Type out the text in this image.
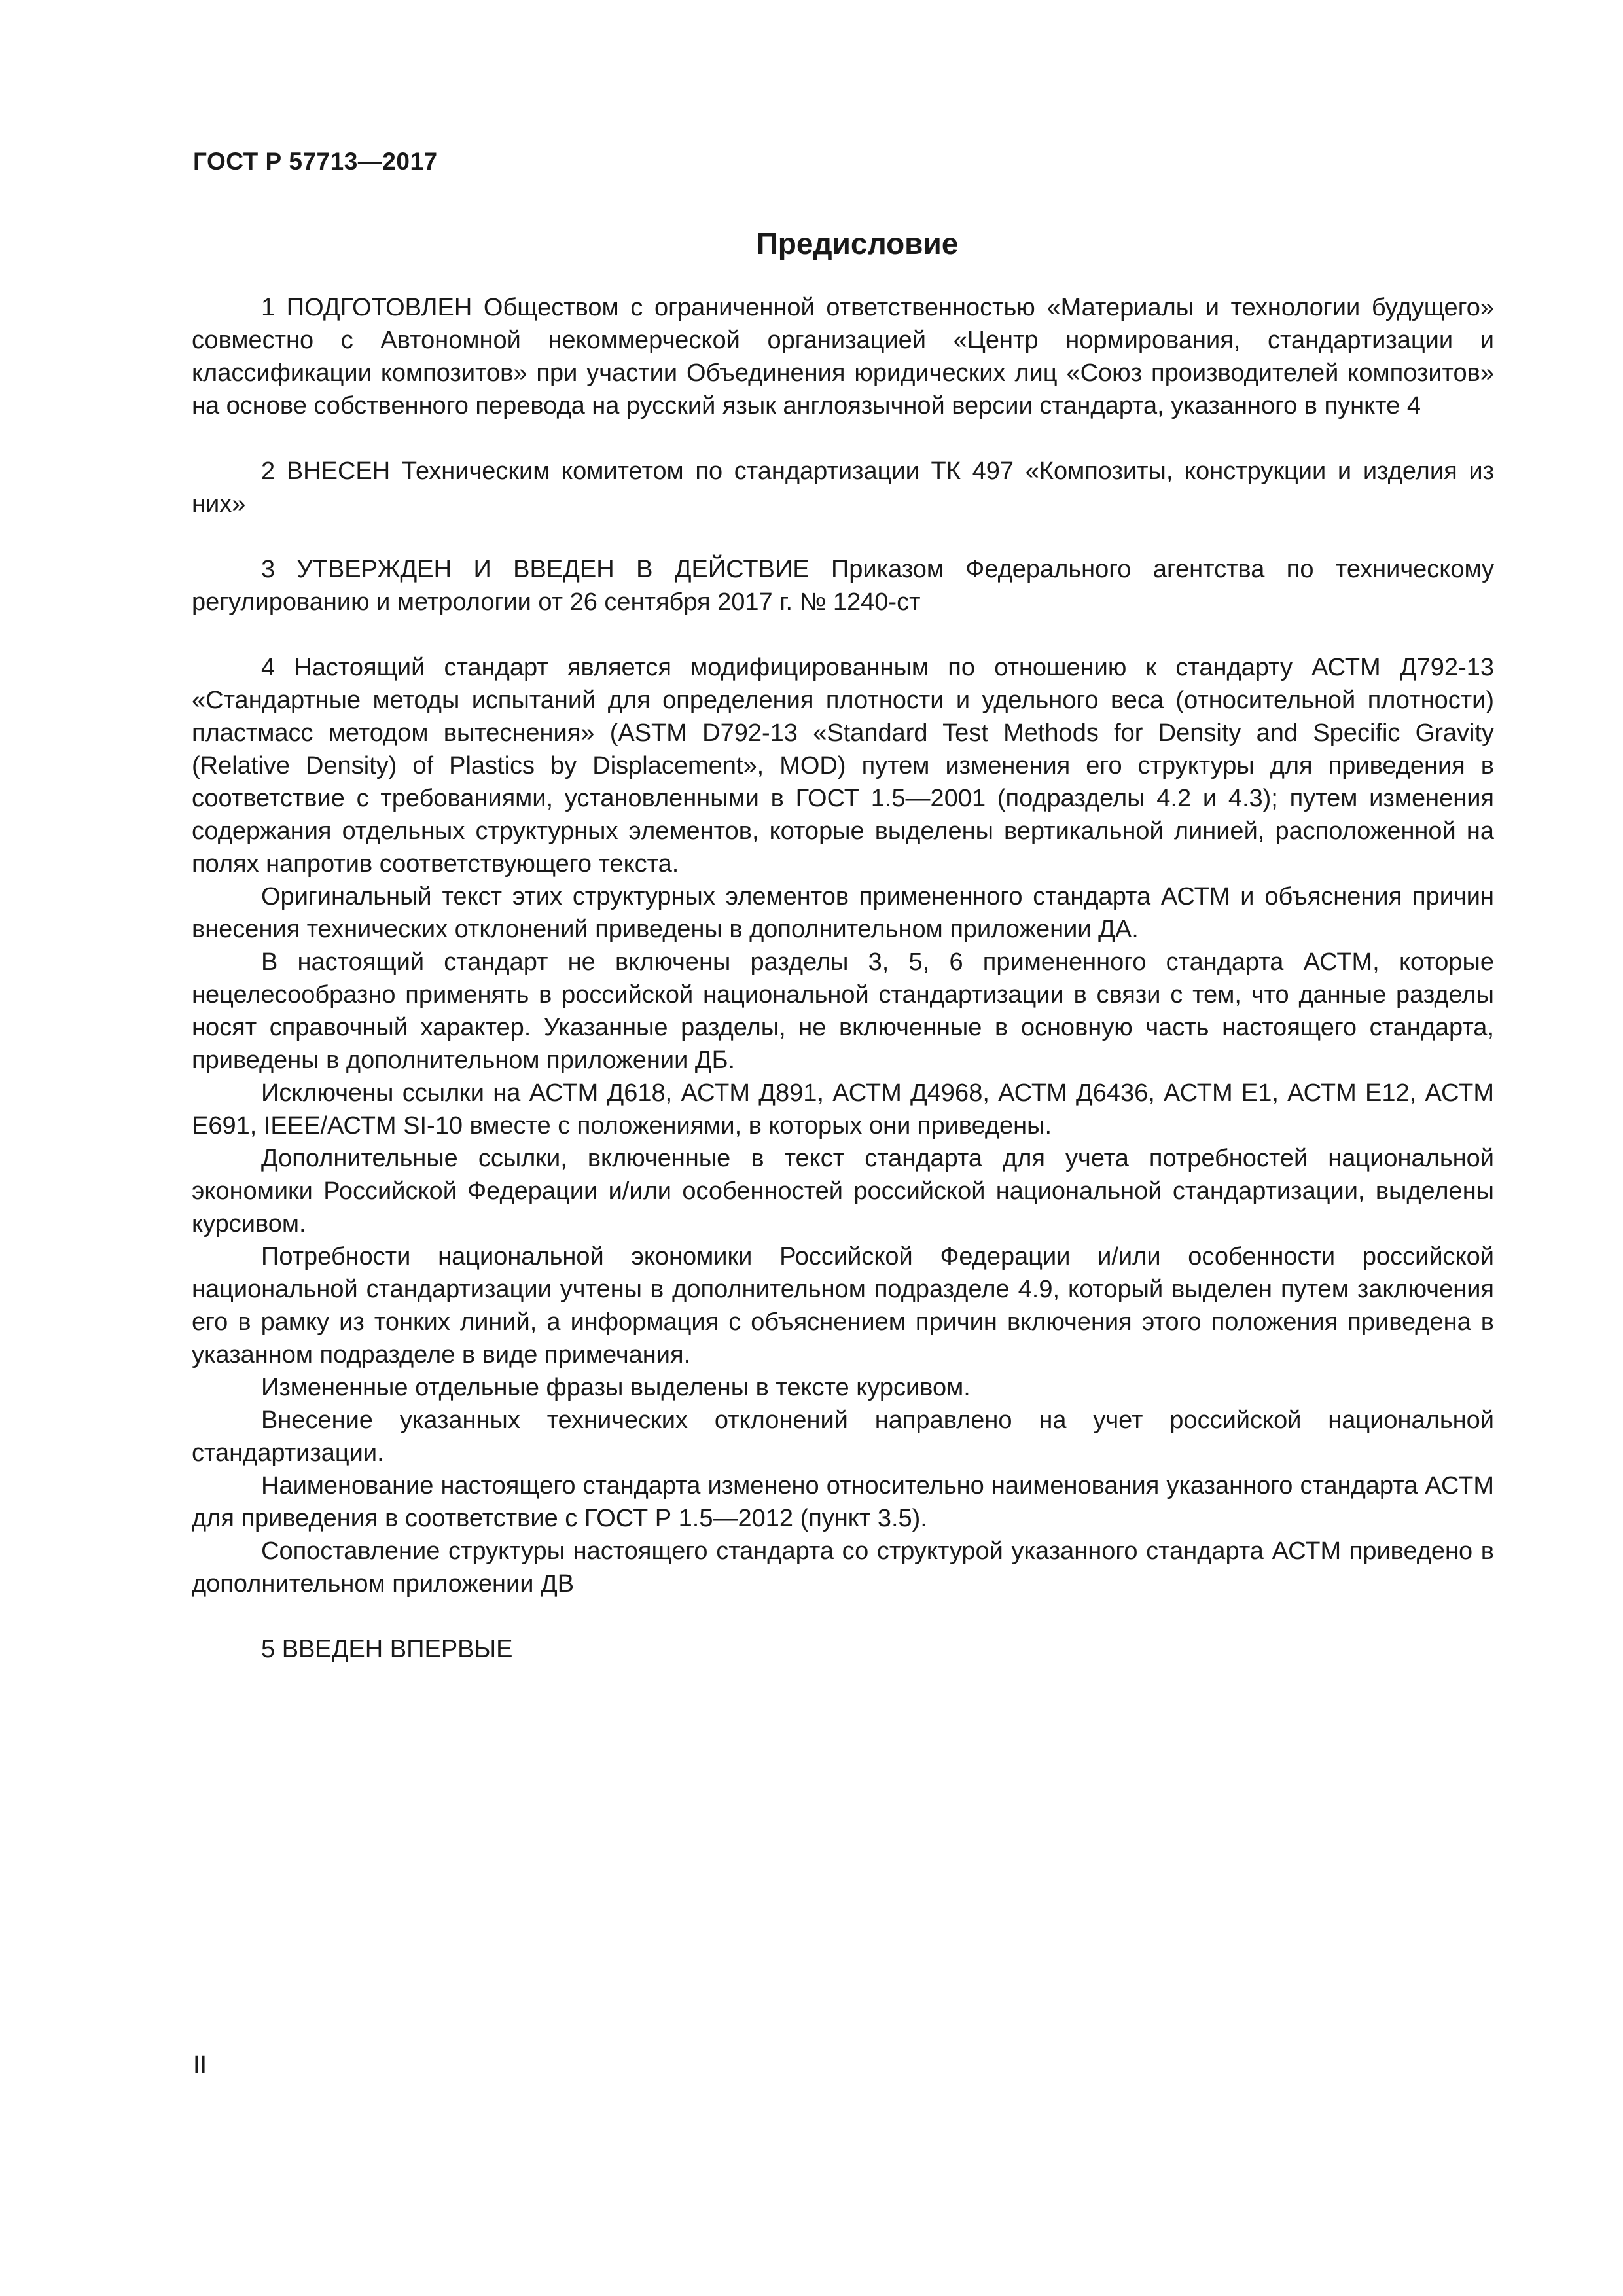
ГОСТ Р 57713—2017
Предисловие

1 ПОДГОТОВЛЕН Обществом с ограниченной ответственностью «Материалы и технологии будущего» совместно с Автономной некоммерческой организацией «Центр нормирования, стандартизации и классификации композитов» при участии Объединения юридических лиц «Союз производителей композитов» на основе собственного перевода на русский язык англоязычной версии стандарта, указанного в пункте 4

2 ВНЕСЕН Техническим комитетом по стандартизации ТК 497 «Композиты, конструкции и изделия из них»

3 УТВЕРЖДЕН И ВВЕДЕН В ДЕЙСТВИЕ Приказом Федерального агентства по техническому регулированию и метрологии от 26 сентября 2017 г. № 1240-ст

4 Настоящий стандарт является модифицированным по отношению к стандарту АСТМ Д792-13 «Стандартные методы испытаний для определения плотности и удельного веса (относительной плотности) пластмасс методом вытеснения» (ASTM D792-13 «Standard Test Methods for Density and Specific Gravity (Relative Density) of Plastics by Displacement», MOD) путем изменения его структуры для приведения в соответствие с требованиями, установленными в ГОСТ 1.5—2001 (подразделы 4.2 и 4.3); путем изменения содержания отдельных структурных элементов, которые выделены вертикальной линией, расположенной на полях напротив соответствующего текста.

Оригинальный текст этих структурных элементов примененного стандарта АСТМ и объяснения причин внесения технических отклонений приведены в дополнительном приложении ДА.

В настоящий стандарт не включены разделы 3, 5, 6 примененного стандарта АСТМ, которые нецелесообразно применять в российской национальной стандартизации в связи с тем, что данные разделы носят справочный характер. Указанные разделы, не включенные в основную часть настоящего стандарта, приведены в дополнительном приложении ДБ.

Исключены ссылки на АСТМ Д618, АСТМ Д891, АСТМ Д4968, АСТМ Д6436, АСТМ Е1, АСТМ Е12, АСТМ Е691, IEEE/АСТМ SI-10 вместе с положениями, в которых они приведены.

Дополнительные ссылки, включенные в текст стандарта для учета потребностей национальной экономики Российской Федерации и/или особенностей российской национальной стандартизации, выделены курсивом.

Потребности национальной экономики Российской Федерации и/или особенности российской национальной стандартизации учтены в дополнительном подразделе 4.9, который выделен путем заключения его в рамку из тонких линий, а информация с объяснением причин включения этого положения приведена в указанном подразделе в виде примечания.

Измененные отдельные фразы выделены в тексте курсивом.

Внесение указанных технических отклонений направлено на учет российской национальной стандартизации.

Наименование настоящего стандарта изменено относительно наименования указанного стандарта АСТМ для приведения в соответствие с ГОСТ Р 1.5—2012 (пункт 3.5).

Сопоставление структуры настоящего стандарта со структурой указанного стандарта АСТМ приведено в дополнительном приложении ДВ

5 ВВЕДЕН ВПЕРВЫЕ

II
